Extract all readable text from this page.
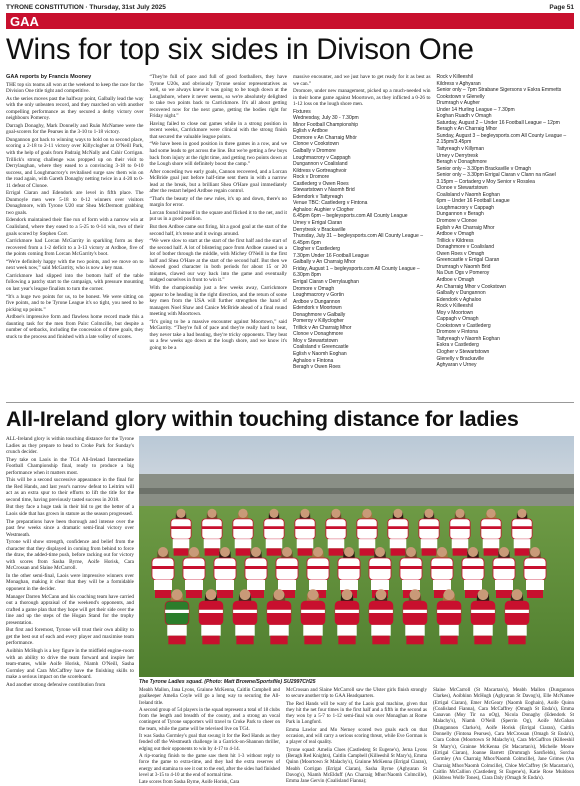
TYRONE CONSTITUTION · Thursday, 31st July 2025	Page 51
GAA
Wins for top six sides in Divison One
GAA reports by Francis Mooney

THE top six teams all won at the weekend to keep the race for the Division One title tight and competitive.

As the series moves past the halfway point, Galbally lead the way with the only unbeaten record, and they marched on with another compelling performance as they secured a derby victory over neighbours Pomeroy.

Darragh Donaghy, Mark Donnelly and Ruán McNamee were the goal-scorers for the Pearses in the 3-10 to 1-18 victory.

Dungannon got back to winning ways to hold on to second place, scoring a 2-18 to 2-11 victory over Killyclogher at O'Neill Park, with the help of goals from Padraig McNally and Cahir Corrigan. Trillick's strong challenge was propped up on their visit to Derrylaughan, where they eased to a convincing 3-18 to 0-10 success, and Loughmacrory's revitalised surge saw them win on the road again, with Gareth Donaghy netting twice in a 4-20 to 0-11 defeat of Clonoe.

Errigal Ciaran and Edendork are level in fifth place. The Dunmoyle men were 5-18 to 0-12 winners over visitors Donaghmore, with Tyrone U20 star Shea McDermott grabbing two goals.

Edendork maintained their fine run of form with a narrow win at Coalisland, where they eased to a 5-25 to 0-14 win, two of their goals scored by Stephen Corr.

Carrickmore had Lorcan McGarrity in sparkling form as they recovered from a 1-2 deficit to a 3-13 victory at Ardboe, five of the points coming from Lorcan McGarrity's boot.

“We're definitely happy with the two points, and we move on to next week now,” said McGarrity, who is now a key man.

Carrickmore had slipped into the bottom half of the table following a patchy start to the campaign, with pressure mounting on last year's league finalists to turn the corner.

“It's a huge two points for us, to be honest. We were sitting on five points, and to be Tyrone League it's so tight, you need to be picking up points.”

Ardboe's impressive form and flawless home record made this a daunting task for the men from Pairc Colmcille, but despite a number of setbacks, including the concession of three goals, they stuck to the process and finished with a late volley of scores.

“They're full of pace and full of good footballers, they have Tyrone U20s, and obviously Tyrone senior representatives as well, so we always knew it was going to be tough down at the Loughshore, where it never seems, so we're absolutely delighted to take two points back to Carrickmore. It's all about getting recovered now for the next game, getting the bodies right for Friday night.”

Having failed to close out games while in a strong position in recent weeks, Carrickmore were clinical with the strong finish that secured the valuable league points.

“We have been in good position in three games in a row, and we had some leads to get across the line. But we're getting a few boys back from injury at the right time, and getting two points down at the Lough shore will definitely boost the camp.”

After conceding two early goals, Cannon recovered, and a Lorcan McBride goal just before half-time sent them in with a narrow lead at the break, but a brilliant Shea O'Hare goal immediately after the restart helped Ardboe regain control.

“That's the beauty of the new rules, it's up and down, there's no margin for error.

Lorcan found himself in the square and flicked it to the net, and it put us in a good position.

But then Ardboe came out firing, hit a good goal at the start of the second half, it's tense and it swings around.

“We were slow to start at the start of the first half and the start of the second half. A lot of blistering pace from Ardboe caused us a lot of bother through the middle, with Michey O'Neill in the first half and Shea O'Hare at the start of the second half. But then we showed good character in both periods for about 15 or 20 minutes, clawed our way back into the game and eventually nudged ourselves in front to win it.”

With the championship just a few weeks away, Carrickmore appear to be heading in the right direction, and the return of some key men from the USA will further strengthen the hand of managers Noel Shaw and Canice McBride ahead of a final round meeting with Moortown.

“It's going to be a massive encounter against Moortown,” said McGarrity. “They're full of pace and they're really hard to beat, they never take a bad beating, they're tricky opponents. They beat us a few weeks ago down at the lough shore, and we know it's going to be a

massive encounter, and we just have to get ready for it as best as we can.”

Dromore, under new management, picked up a much-needed win in their home game against Moortown, as they inflicted a 0-26 to 1-12 loss on the lough shore men.

Fixtures
Wednesday, July 30 - 7.30pm
Minor Football Championship
Eglish v Ardboe
Dromore v An Charraig Mhór
Clonoe v Cookstown
Galbally v Dromore
Loughmacrory v Cappagh
Dungannon v Coalisland
Kildress v Gortreaghvoir
Rock v Dromore
Castlederg v Owen Roes
Stewartstown v Naomh Brid
Edendork v Tattyreagh
Venue TBC: Castlederg v Fintona
Aghaloo: Aughier v Clogher
6.45pm 6pm – begleysports.com All County League
Urney v Errigal Ciaran
Derrytresk v Brackaville
Thursday, July 31 – begleysports.com All County League – 6.45pm 6pm
Clogher v Castlederg
7.30pm Under 16 Football League
Galbally v An Charraig Mhor
Friday, August 1 – begleysports.com All County League – 6.30pm 8pm
Errigal Ciaran v Derrylaughan
Dromore v Omagh
Loughmacrory v Gortin
Ardboe v Dungannon
Edendork v Moortown
Donaghmore v Galbally
Pomeroy v Killyclogher
Trillick v An Charraig Mhor
Clonoe v Donaghmore
Moy v Stewartstown
Coalisland v Greencastle
Eglish v Naomh Eoghan
Aghaloo v Fintona
Beragh v Owen Roes
Rock v Killeeshil
Kildress v Aghyaran
Senior only – 7pm Strabane Sigersons v Eskra Emmetts
Cookstown v Glenelly
Drumragh v Augher
Under 14 Hurling League – 7.30pm
Eoghan Ruadh v Omagh
Saturday, August 2 – Under 16 Football League – 12pm
Beragh v An Charraig Mhor
Sunday, August 3 – begleysports.com All County League – 2.15pm/3.45pm
Tattyreagh v Killyman
Urney v Derrytresk
Beragh v Donaghmore
Senior only – 3.30pm Brackaville v Omagh
Senior only – 3.30pm Errigal Ciaran v Clann na nGael
3.15pm – Cortaderg v Moy Senior v Rosslea
Clonoe v Stewartstown
Coalisland v Naomh Eoghan
6pm – Under 16 Football League
Loughmacrory v Cappagh
Dungannon v Beragh
Dromore v Clonoe
Eglish v An Charraig Mhor
Ardboe v Omagh
Trillick v Kildress
Donaghmore v Coalisland
Owen Roes v Omagh
Greencastle v Errigal Ciaran
Drumragh v Naomh Brid
Na Dun Ogs v Pomeroy
Ardboe v Omagh
An Charraig Mhor v Cookstown
Galbally v Dungannon
Edendork v Aghaloo
Rock v Killeeshil
Moy v Moortown
Cappagh v Omagh
Cookstown v Castlederg
Dromore v Fintona
Tattyreagh v Naomh Eoghan
Eskra v Castlederg
Clogher v Stewartstown
Glenelly v Brackaville
Aghyaran v Urney
All-Ireland glory within touching distance for ladies

ALL-Ireland glory is within touching distance for the Tyrone Ladies as they prepare to head to Croke Park for Sunday's crunch decider.

They take on Laois in the TG4 All-Ireland Intermediate Football Championship final, ready to produce a big performance when it matters most.

This will be a second successive appearance in the final for the Red Hands, and last year's narrow defeat to Leitrim will act as an extra spur to their efforts to lift the title for the second time, having previously tasted success in 2018.

But they face a huge task in their bid to get the better of a Laois side that has grown in stature as the season progressed.

The preparations have been thorough and intense over the past few weeks since a dramatic semi-final victory over Westmeath.

Tyrone will show strength, confidence and belief from the character that they displayed in coming from behind to force the draw, the added-time push, before racking out for victory with scores from Sasha Byrne, Aoife Horisk, Cara McCrossan and Slaine McCarroll.

In the other semi-final, Laois were impressive winners over Monaghan, making it clear that they will be a formidable opponent in the decider.

Manager Darren McCann and his coaching team have carried out a thorough appraisal of the weekend's opponents, and crafted a game plan that they hope will get their side over the line and up the steps of the Hogan Stand for the trophy presentation.

But first and foremost, Tyrone will trust their own ability to get the best out of each and every player and maximise team performance.

Aoibhin McHugh is a key figure in the midfield engine-room with an ability to drive the team forward and inspire her team-mates, while Aoife Horisk, Niamh O'Neill, Sasha Gormley and Cara McCaffrey have the finishing skills to make a serious impact on the scoreboard.

And another strong defensive contribution from	The Tyrone Ladies squad. (Photo: Matt Browne/Sportsfile) SU2997CH25

Meabh Mallon, Jana Lyons, Grainne McKenna, Caitlin Campbell and goalkeeper Amelia Coyle will go a long way to securing the All-Ireland title.

A second group of 54 players in the squad represent a total of 18 clubs from the length and breadth of the county, and a strong an vocal contingent of Tyrone supporters will travel to Croke Park to cheer on the team, while the game will be televised live on TG4.

It was Sasha Gormley's goal that swung it for the Red Hands as they fended off the Westmeath challenge in a Garrick-on-Shannon thriller, edging out their opponents to win by 4-17 to 4-14.

A rip-roaring finish to the game saw them hit 1-3 without reply to force the game to extra-time, and they had the extra reserves of energy and stamina to see it out to the end, after the sides had finished level at 3-15 to 4-10 at the end of normal time.

Late scores from Sasha Byrne, Aoife Horisk, Cara

McCrossan and Slaine McCarroll saw the Ulster girls finish strongly to secure another trip to GAA Headquarters.

The Red Hands will be wary of the Laois goal machine, given that they hit the net four times in the first half and a fifth in the second as they won by a 5-7 to 1-12 semi-final win over Monaghan at Rome Park in Longford.

Emma Lawlor and Mo Nerney scored two goals each on that occasion, and will carry a serious scoring threat, while Eve Gorman is a player of real quality.

Tyrone squad: Amelia Cloes (Castlederg St Eugene's), Jerna Lyons (Beragh Red Knights), Caitlin Campbell (Killeeshil St Mary's), Emma Quinn (Moortown St Malachy's), Grainne McKenna (Errigal Ciaran), Meabh Corrigan (Errigal Ciaran), Sasha Byrne (Aghyaran St Davog's), Niamh McElduff (An Charraig Mhor/Naomh Colmcille), Emma Jane Gervin (Coalisland Fianna);

Slaine McCarroll (St Macartan's), Meabh Mallon (Dungannon Clarkes), Aoibhinn McHugh (Aghyaran St Davog's), Elle McNamee (Errigal Ciaran), Emer McGeary (Naomh Eoghain), Aoife Quinn (Coalisland Fianna), Cara McCaffrey (Omagh St Enda's), Emma Canavan (Moy Tir na nOg), Nicola Donaghy (Edendork St Malachy's), Niamh O'Neill (Sperrin Og), Aoife McGahan (Dungannon Clarke's), Aoife Horisk (Errigal Ciaran), Caitlin Donnelly (Fintona Pearses), Cara McCrossan (Omagh St Enda's), Ciara Colton (Moortown St Malachy's), Cara McGaffron (Killeeshil St Mary's), Grainne McKenna (St Macartan's), Michelle Moore (Errigal Ciaran), Joanne Barrett (Drumragh Sarsfields), Sorcha Gormley (An Charraig Mhor/Naomh Colmcille), Jane Grimes (An Charraig Mhor/Naomh Colmcille), Chloe McCaffrey (St Macartan's), Caitlin McCallion (Castlederg St Eugene's), Katie Rose Muldoon (Kildress Wolfe Tones), Ciara Daly (Omagh St Enda's).
